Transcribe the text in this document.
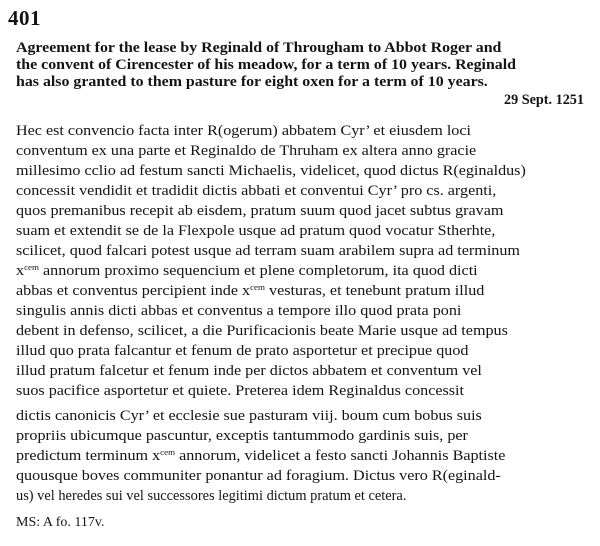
401
Agreement for the lease by Reginald of Througham to Abbot Roger and
the convent of Cirencester of his meadow, for a term of 10 years. Reginald
has also granted to them pasture for eight oxen for a term of 10 years.
29 Sept. 1251
Hec est convencio facta inter R(ogerum) abbatem Cyr’ et eiusdem loci
conventum ex una parte et Reginaldo de Thruham ex altera anno gracie
millesimo cclio ad festum sancti Michaelis, videlicet, quod dictus R(eginaldus)
concessit vendidit et tradidit dictis abbati et conventui Cyr’ pro cs. argenti,
quos premanibus recepit ab eisdem, pratum suum quod jacet subtus gravam
suam et extendit se de la Flexpole usque ad pratum quod vocatur Stherhte,
scilicet, quod falcari potest usque ad terram suam arabilem supra ad terminum
$x^{cem}$ annorum proximo sequencium et plene completorum, ita quod dicti
abbas et conventus percipient inde $x^{cem}$ vesturas, et tenebunt pratum illud
singulis annis dicti abbas et conventus a tempore illo quod prata poni
debent in defenso, scilicet, a die Purificacionis beate Marie usque ad tempus
illud quo prata falcantur et fenum de prato asportetur et precipue quod
illud pratum falcetur et fenum inde per dictos abbatem et conventum vel
suos pacifice asportetur et quiete. Preterea idem Reginaldus concessit
dictis canonicis Cyr’ et ecclesie sue pasturam viij. boum cum bobus suis
propriis ubicumque pascuntur, exceptis tantummodo gardinis suis, per
predictum terminum $x^{cem}$ annorum, videlicet a festo sancti Johannis Baptiste
quousque boves communiter ponantur ad foragium. Dictus vero R(eginald-
us) vel heredes sui vel successores legitimi dictum pratum et cetera.
MS: A fo. 117v.
